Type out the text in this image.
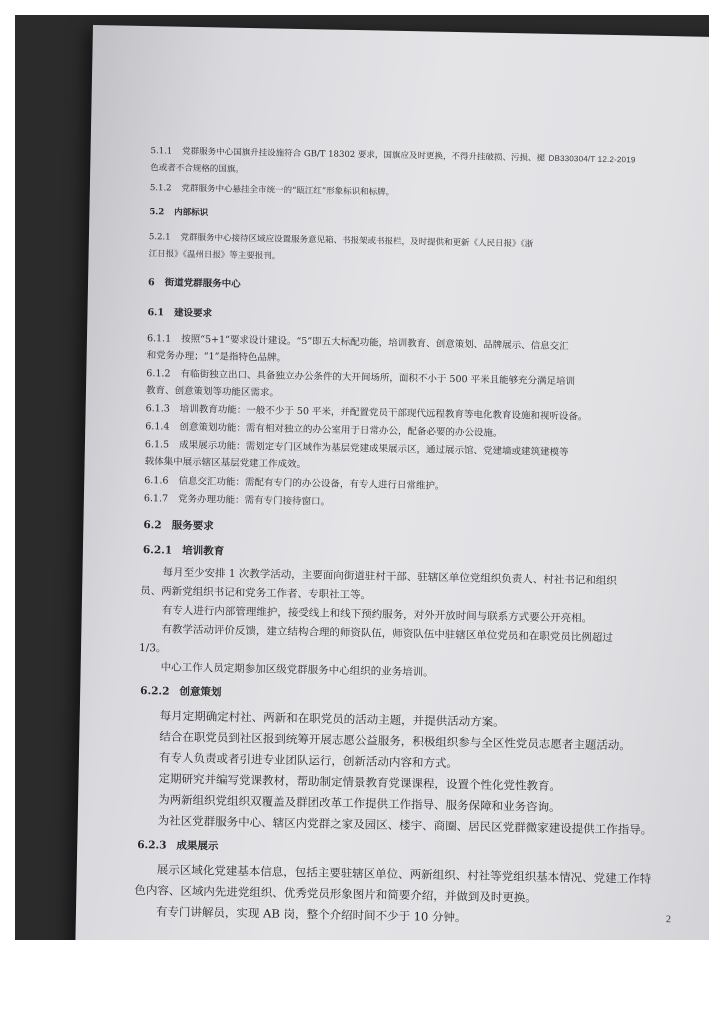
DB330304/T 12.2-2019
5.1.1 党群服务中心国旗升挂设施符合 GB/T 18302 要求，国旗应及时更换，不得升挂破损、污损、褪
色或者不合规格的国旗。
5.1.2 党群服务中心悬挂全市统一的“瓯江红”形象标识和标牌。
5.2 内部标识
5.2.1 党群服务中心接待区域应设置服务意见箱、书报架或书报栏，及时提供和更新《人民日报》《浙
江日报》《温州日报》等主要报刊。
6 街道党群服务中心
6.1 建设要求
6.1.1 按照“5+1”要求设计建设。“5”即五大标配功能，培训教育、创意策划、品牌展示、信息交汇
和党务办理；“1”是指特色品牌。
6.1.2 有临街独立出口、具备独立办公条件的大开间场所，面积不小于 500 平米且能够充分满足培训
教育、创意策划等功能区需求。
6.1.3 培训教育功能：一般不少于 50 平米，并配置党员干部现代远程教育等电化教育设施和视听设备。
6.1.4 创意策划功能：需有相对独立的办公室用于日常办公，配备必要的办公设施。
6.1.5 成果展示功能：需划定专门区域作为基层党建成果展示区，通过展示馆、党建墙或建筑建模等
载体集中展示辖区基层党建工作成效。
6.1.6 信息交汇功能：需配有专门的办公设备，有专人进行日常维护。
6.1.7 党务办理功能：需有专门接待窗口。
6.2 服务要求
6.2.1 培训教育
每月至少安排 1 次教学活动，主要面向街道驻村干部、驻辖区单位党组织负责人、村社书记和组织
员、两新党组织书记和党务工作者、专职社工等。
有专人进行内部管理维护，接受线上和线下预约服务，对外开放时间与联系方式要公开亮相。
有教学活动评价反馈，建立结构合理的师资队伍，师资队伍中驻辖区单位党员和在职党员比例超过
1/3。
中心工作人员定期参加区级党群服务中心组织的业务培训。
6.2.2 创意策划
每月定期确定村社、两新和在职党员的活动主题，并提供活动方案。
结合在职党员到社区报到统筹开展志愿公益服务，积极组织参与全区性党员志愿者主题活动。
有专人负责或者引进专业团队运行，创新活动内容和方式。
定期研究并编写党课教材，帮助制定情景教育党课课程，设置个性化党性教育。
为两新组织党组织双覆盖及群团改革工作提供工作指导、服务保障和业务咨询。
为社区党群服务中心、辖区内党群之家及园区、楼宇、商圈、居民区党群微家建设提供工作指导。
6.2.3 成果展示
展示区域化党建基本信息，包括主要驻辖区单位、两新组织、村社等党组织基本情况、党建工作特
色内容、区域内先进党组织、优秀党员形象图片和简要介绍，并做到及时更换。
有专门讲解员，实现 AB 岗，整个介绍时间不少于 10 分钟。	2
